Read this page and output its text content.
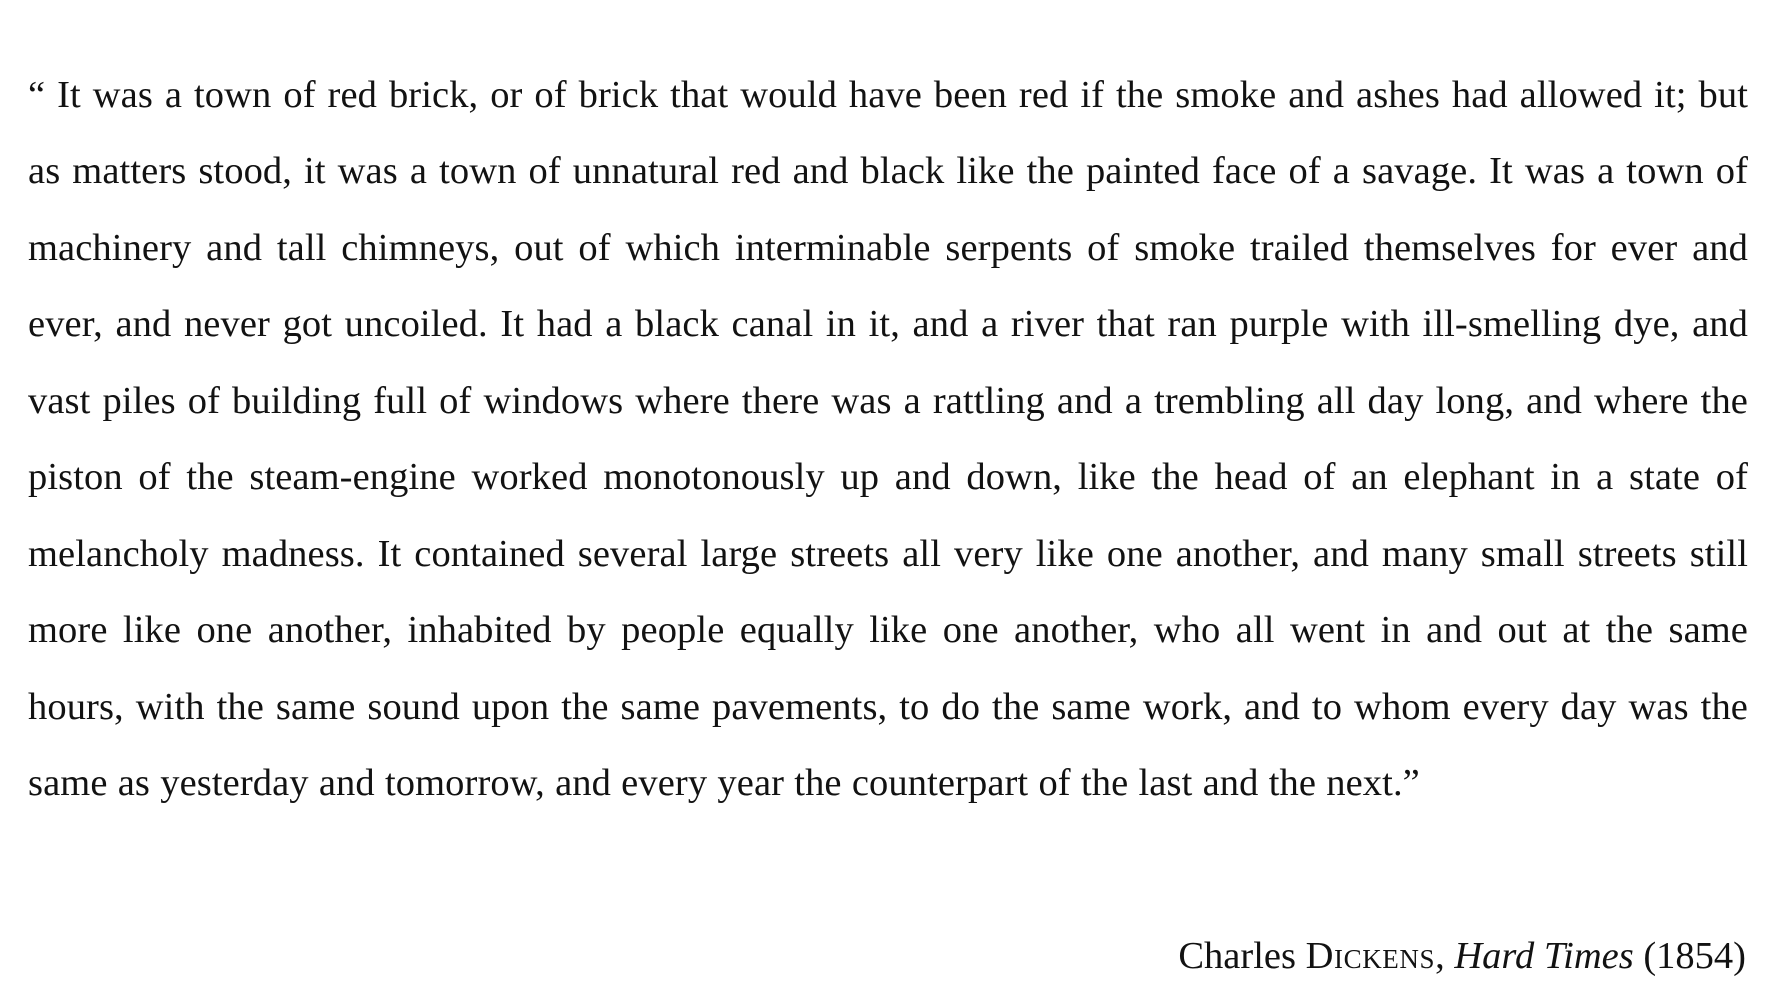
“ It was a town of red brick, or of brick that would have been red if the smoke and ashes had allowed it; but as matters stood, it was a town of unnatural red and black like the painted face of a savage. It was a town of machinery and tall chimneys, out of which interminable serpents of smoke trailed themselves for ever and ever, and never got uncoiled. It had a black canal in it, and a river that ran purple with ill-smelling dye, and vast piles of building full of windows where there was a rattling and a trembling all day long, and where the piston of the steam-engine worked monotonously up and down, like the head of an elephant in a state of melancholy madness. It contained several large streets all very like one another, and many small streets still more like one another, inhabited by people equally like one another, who all went in and out at the same hours, with the same sound upon the same pavements, to do the same work, and to whom every day was the same as yesterday and tomorrow, and every year the counterpart of the last and the next.”

Charles Dickens, Hard Times (1854)
